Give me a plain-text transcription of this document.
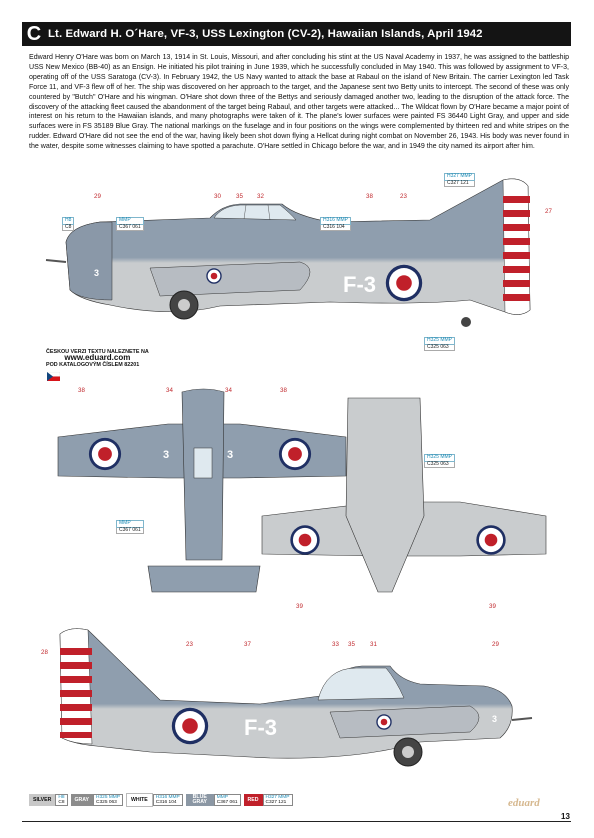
C Lt. Edward H. O´Hare, VF-3, USS Lexington (CV-2), Hawaiian Islands, April 1942

Edward Henry O'Hare was born on March 13, 1914 in St. Louis, Missouri, and after concluding his stint at the US Naval Academy in 1937, he was assigned to the battleship USS New Mexico (BB-40) as an Ensign. He initiated his pilot training in June 1939, which he successfully concluded in May 1940. This was followed by assignment to VF-3, operating off of the USS Saratoga (CV-3). In February 1942, the US Navy wanted to attack the base at Rabaul on the island of New Britain. The carrier Lexington led Task Force 11, and VF-3 flew off of her. The ship was discovered on her approach to the target, and the Japanese sent two Betty units to intercept. The second of these was only countered by "Butch" O'Hare and his wingman. O'Hare shot down three of the Bettys and seriously damaged another two, leading to the disruption of the attack force. The discovery of the attacking fleet caused the abandonment of the target being Rabaul, and other targets were attacked... The Wildcat flown by O'Hare became a major point of interest on his return to the Hawaiian islands, and many photographs were taken of it. The plane's lower surfaces were painted FS 36440 Light Gray, and upper and side surfaces were in FS 35189 Blue Gray. The national markings on the fuselage and in four positions on the wings were complemented by thirteen red and white stripes on the rudder. Edward O'Hare did not see the end of the war, having likely been shot down flying a Hellcat during night combat on November 26, 1943. His body was never found in the water, despite some witnesses claiming to have spotted a parachute. O'Hare settled in Chicago before the war, and in 1949 the city named its airport after him.

F-3
3
3	3
F-3	3
29	30 35 32	38	23
27
38	34	34	38
39	39
28
23	37	33 35 31	29
H8
C8
MMP
C367 061
H316 MMP
C316 104
H327 MMP
C327 121
H325 MMP
C325 063
MMP
C367 061
H325 MMP
C325 063
ČESKOU VERZI TEXTU NALEZNETE NA
www.eduard.com
POD KATALOGOVÝM ČÍSLEM 82201
SILVER	H8
C8	GRAY	H325 MMP
C325 063	WHITE	H316 MMP
C316 104
BLUE GRAY
MMP
C367 061	RED	H327 MMP
C327 121	eduard
13
